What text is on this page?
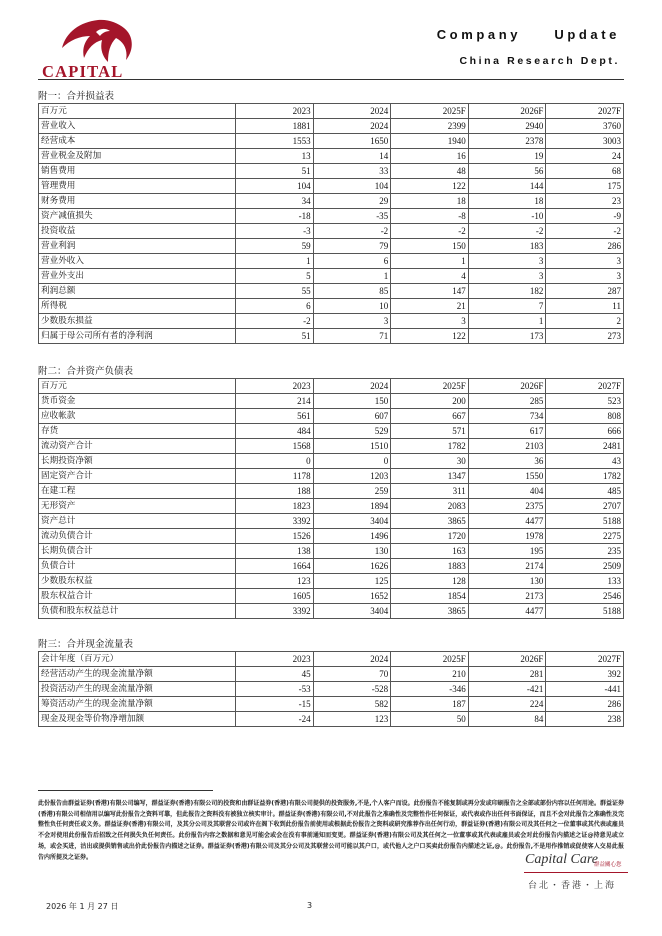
CAPITAL
Company Update
China Research Dept.
附一：合并损益表
百万元	2023	2024	2025F	2026F	2027F
营业收入	1881	2024	2399	2940	3760
经营成本	1553	1650	1940	2378	3003
营业税金及附加	13	14	16	19	24
销售费用	51	33	48	56	68
管理费用	104	104	122	144	175
财务费用	34	29	18	18	23
资产减值损失	-18	-35	-8	-10	-9
投资收益	-3	-2	-2	-2	-2
营业利润	59	79	150	183	286
营业外收入	1	6	1	3	3
营业外支出	5	1	4	3	3
利润总额	55	85	147	182	287
所得税	6	10	21	7	11
少数股东损益	-2	3	3	1	2
归属于母公司所有者的净利润	51	71	122	173	273
附二：合并资产负债表
百万元	2023	2024	2025F	2026F	2027F
货币资金	214	150	200	285	523
应收帐款	561	607	667	734	808
存货	484	529	571	617	666
流动资产合计	1568	1510	1782	2103	2481
长期投资净额	0	0	30	36	43
固定资产合计	1178	1203	1347	1550	1782
在建工程	188	259	311	404	485
无形资产	1823	1894	2083	2375	2707
资产总计	3392	3404	3865	4477	5188
流动负债合计	1526	1496	1720	1978	2275
长期负债合计	138	130	163	195	235
负债合计	1664	1626	1883	2174	2509
少数股东权益	123	125	128	130	133
股东权益合计	1605	1652	1854	2173	2546
负债和股东权益总计	3392	3404	3865	4477	5188
附三：合并现金流量表
会计年度（百万元）	2023	2024	2025F	2026F	2027F
经营活动产生的现金流量净额	45	70	210	281	392
投资活动产生的现金流量净额	-53	-528	-346	-421	-441
筹资活动产生的现金流量净额	-15	582	187	224	286
现金及现金等价物净增加额	-24	123	50	84	238
此份报告由群益证券(香港)有限公司编写，群益证券(香港)有限公司的投资和由群证益券(香港)有限公司提供的投资服务,不是,个人客户而设。此份报告不能复制或再分发或印刷报告之全部或部份内容以任何用途。群益证券(香港)有限公司相信用以编写此份报告之资料可靠，但此报告之资料没有被独立核实审计。群益证券(香港)有限公司,不对此报告之准确性及完整性作任何保证，或代表或作出任何书面保证，而且不会对此报告之准确性及完整性负任何责任或义务。群益证券(香港)有限公司，及其分公司及其联营公司或许在阁下收到此份报告前使用或根据此份报告之资料或研究推荐作出任何行动，群益证券(香港)有限公司及其任何之一位董事或其代表或雇员不会对使用此份报告后招致之任何损失负任何责任。此份报告内容之数据和意见可能会或会在没有事前通知而变更。群益证券(香港)有限公司及其任何之一位董事或其代表或雇员或会对此份报告内描述之证@持意见或立场，或会买进，沽出或提供销售或出价此份报告内描述之证券。群益证券(香港)有限公司及其分公司及其联营公司可能以其户口，或代他人之户口买卖此份报告内描述之证,@。此份报告,不是用作推销或促使客人交易此报告内所提及之证券。	Capital Care
群益關心您
台北・香港・上海
2026 年 1 月 27 日	3
